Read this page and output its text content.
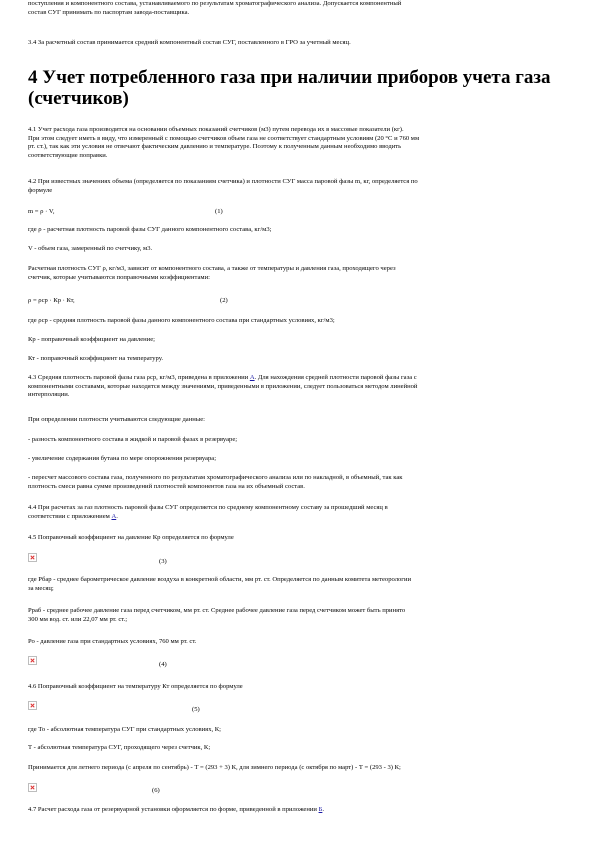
поступления и компонентного состава, устанавливаемого по результатам хроматографического анализа. Допускается компонентный

состав СУГ принимать по паспортам завода-поставщика.

3.4 За расчетный состав принимается средний компонентный состав СУГ, поставленного в ГРО за учетный месяц.

4 Учет потребленного газа при наличии приборов учета газа

(счетчиков)

4.1 Учет расхода газа производится на основании объемных показаний счетчиков (м3) путем перевода их в массовые показатели (кг).

При этом следует иметь в виду, что измеренный с помощью счетчиков объем газа не соответствует стандартным условиям (20 °С и 760 мм

рт. ст.), так как эти условия не отвечают фактическим давлению и температуре. Поэтому к полученным данным необходимо вводить

соответствующие поправки.

4.2 При известных значениях объема (определяется по показаниям счетчика) и плотности СУГ масса паровой фазы m, кг, определяется по

формуле

m = ρ · V,	(1)

где ρ - расчетная плотность паровой фазы СУГ данного компонентного состава, кг/м3;

V - объем газа, замеренный по счетчику, м3.

Расчетная плотность СУГ ρ, кг/м3, зависит от компонентного состава, а также от температуры и давления газа, проходящего через

счетчик, которые учитываются поправочными коэффициентами:

ρ = ρср · Кр · Кт,	(2)

где ρср - средняя плотность паровой фазы данного компонентного состава при стандартных условиях, кг/м3;

Кр - поправочный коэффициент на давление;

Кт - поправочный коэффициент на температуру.

4.3 Средняя плотность паровой фазы газа ρср, кг/м3, приведена в приложении А. Для нахождения средней плотности паровой фазы газа с

компонентными составами, которые находятся между значениями, приведенными в приложении, следует пользоваться методом линейной

интерполяции.

При определении плотности учитываются следующие данные:

- разность компонентного состава в жидкой и паровой фазах в резервуаре;

- увеличение содержания бутана по мере опорожнения резервуара;

- пересчет массового состава газа, полученного по результатам хроматографического анализа или по накладной, в объемный, так как

плотность смеси равна сумме произведений плотностей компонентов газа на их объемный состав.

4.4 При расчетах за газ плотность паровой фазы СУГ определяется по среднему компонентному составу за прошедший месяц в

соответствии с приложением А.

4.5 Поправочный коэффициент на давление Кр определяется по формуле

(3)

где Рбар - среднее барометрическое давление воздуха в конкретной области, мм рт. ст. Определяется по данным комитета метеорологии

за месяц;

Рраб - среднее рабочее давление газа перед счетчиком, мм рт. ст. Среднее рабочее давление газа перед счетчиком может быть принято

300 мм вод. ст. или 22,07 мм рт. ст.;

Ро - давление газа при стандартных условиях, 760 мм рт. ст.

(4)

4.6 Поправочный коэффициент на температуру Кт определяется по формуле

(5)

где То - абсолютная температура СУГ при стандартных условиях, К;

Т - абсолютная температура СУГ, проходящего через счетчик, К;

Принимается для летнего периода (с апреля по сентябрь) - Т = (293 + 3) К, для зимнего периода (с октября по март) - Т = (293 - 3) К;

(6)

4.7 Расчет расхода газа от резервуарной установки оформляется по форме, приведенной в приложении Б.
